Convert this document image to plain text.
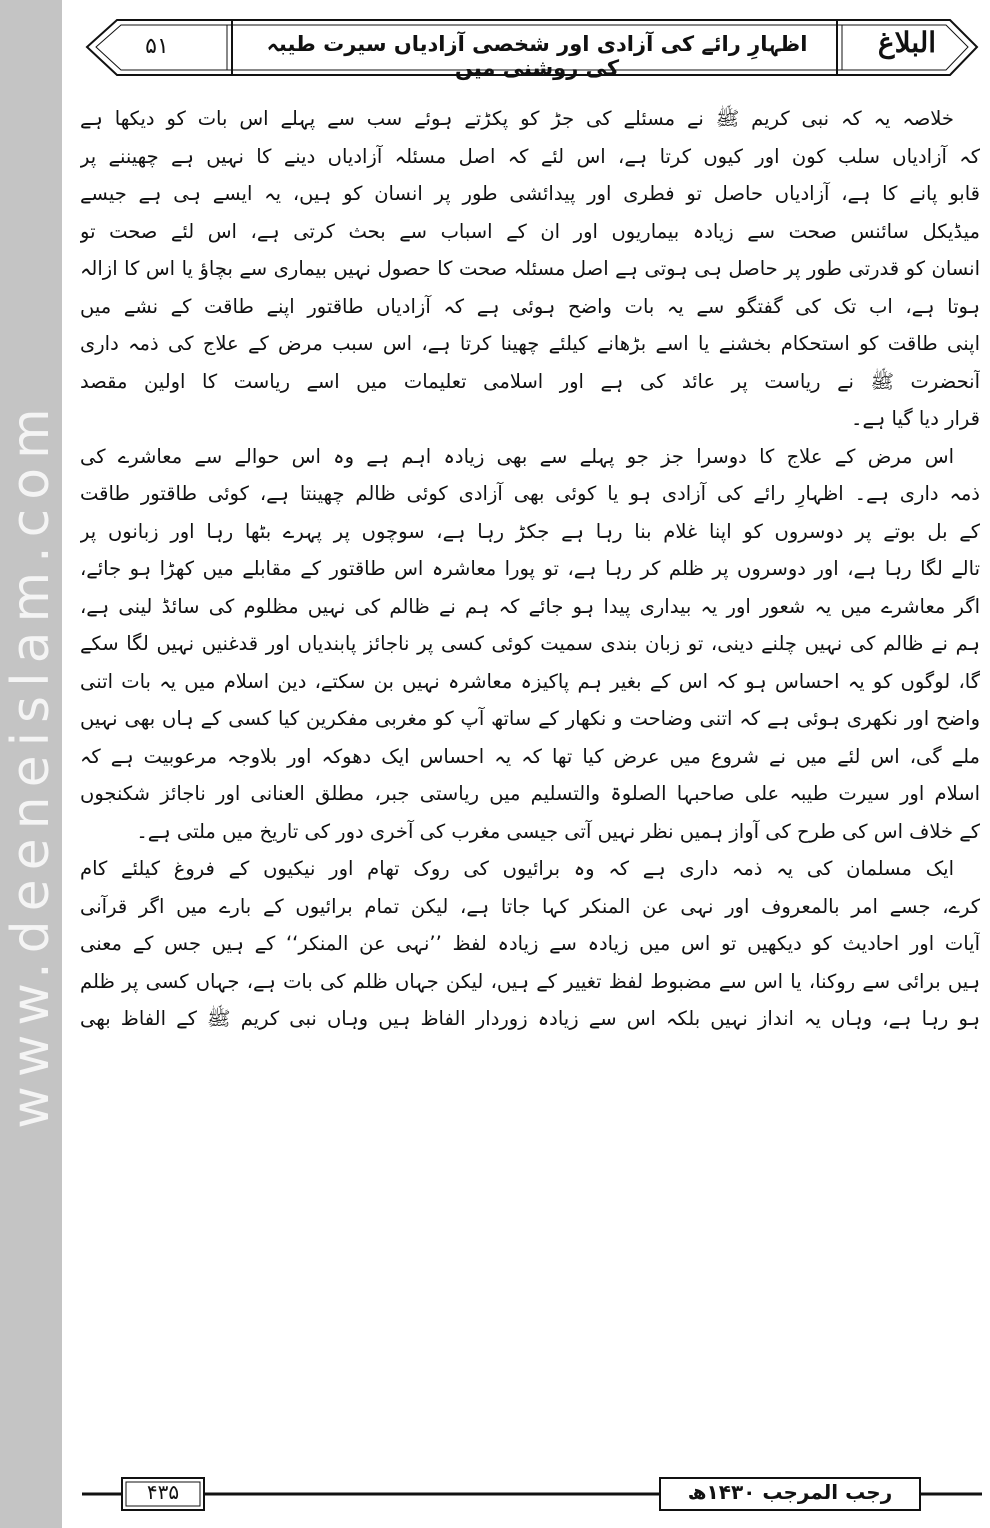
www.deeneislam.com
۵۱	اظہارِ رائے کی آزادی اور شخصی آزادیاں سیرت طیبہ کی روشنی میں
البلاغ
خلاصہ یہ کہ نبی کریم ﷺ نے مسئلے کی جڑ کو پکڑتے ہوئے سب سے پہلے اس بات کو دیکھا ہے
کہ آزادیاں سلب کون اور کیوں کرتا ہے، اس لئے کہ اصل مسئلہ آزادیاں دینے کا نہیں ہے چھیننے پر
قابو پانے کا ہے، آزادیاں حاصل تو فطری اور پیدائشی طور پر انسان کو ہیں، یہ ایسے ہی ہے جیسے
میڈیکل سائنس صحت سے زیادہ بیماریوں اور ان کے اسباب سے بحث کرتی ہے، اس لئے صحت تو
انسان کو قدرتی طور پر حاصل ہی ہوتی ہے اصل مسئلہ صحت کا حصول نہیں بیماری سے بچاؤ یا اس کا ازالہ
ہوتا ہے، اب تک کی گفتگو سے یہ بات واضح ہوئی ہے کہ آزادیاں طاقتور اپنے طاقت کے نشے میں
اپنی طاقت کو استحکام بخشنے یا اسے بڑھانے کیلئے چھینا کرتا ہے، اس سبب مرض کے علاج کی ذمہ داری
آنحضرت ﷺ نے ریاست پر عائد کی ہے اور اسلامی تعلیمات میں اسے ریاست کا اولین مقصد
قرار دیا گیا ہے۔
اس مرض کے علاج کا دوسرا جز جو پہلے سے بھی زیادہ اہم ہے وہ اس حوالے سے معاشرے کی
ذمہ داری ہے۔ اظہارِ رائے کی آزادی ہو یا کوئی بھی آزادی کوئی ظالم چھینتا ہے، کوئی طاقتور طاقت
کے بل بوتے پر دوسروں کو اپنا غلام بنا رہا ہے جکڑ رہا ہے، سوچوں پر پہرے بٹھا رہا اور زبانوں پر
تالے لگا رہا ہے، اور دوسروں پر ظلم کر رہا ہے، تو پورا معاشرہ اس طاقتور کے مقابلے میں کھڑا ہو جائے،
اگر معاشرے میں یہ شعور اور یہ بیداری پیدا ہو جائے کہ ہم نے ظالم کی نہیں مظلوم کی سائڈ لینی ہے،
ہم نے ظالم کی نہیں چلنے دینی، تو زبان بندی سمیت کوئی کسی پر ناجائز پابندیاں اور قدغنیں نہیں لگا سکے
گا، لوگوں کو یہ احساس ہو کہ اس کے بغیر ہم پاکیزہ معاشرہ نہیں بن سکتے، دین اسلام میں یہ بات اتنی
واضح اور نکھری ہوئی ہے کہ اتنی وضاحت و نکھار کے ساتھ آپ کو مغربی مفکرین کیا کسی کے ہاں بھی نہیں
ملے گی، اس لئے میں نے شروع میں عرض کیا تھا کہ یہ احساس ایک دھوکہ اور بلاوجہ مرعوبیت ہے کہ
اسلام اور سیرت طیبہ علی صاحبہا الصلوۃ والتسلیم میں ریاستی جبر، مطلق العنانی اور ناجائز شکنجوں
کے خلاف اس کی طرح کی آواز ہمیں نظر نہیں آتی جیسی مغرب کی آخری دور کی تاریخ میں ملتی ہے۔
ایک مسلمان کی یہ ذمہ داری ہے کہ وہ برائیوں کی روک تھام اور نیکیوں کے فروغ کیلئے کام
کرے، جسے امر بالمعروف اور نہی عن المنکر کہا جاتا ہے، لیکن تمام برائیوں کے بارے میں اگر قرآنی
آیات اور احادیث کو دیکھیں تو اس میں زیادہ سے زیادہ لفظ ’’نہی عن المنکر‘‘ کے ہیں جس کے معنی
ہیں برائی سے روکنا، یا اس سے مضبوط لفظ تغییر کے ہیں، لیکن جہاں ظلم کی بات ہے، جہاں کسی پر ظلم
ہو رہا ہے، وہاں یہ انداز نہیں بلکہ اس سے زیادہ زوردار الفاظ ہیں وہاں نبی کریم ﷺ کے الفاظ بھی
۴۳۵	رجب المرجب ۱۴۳۰ھ
